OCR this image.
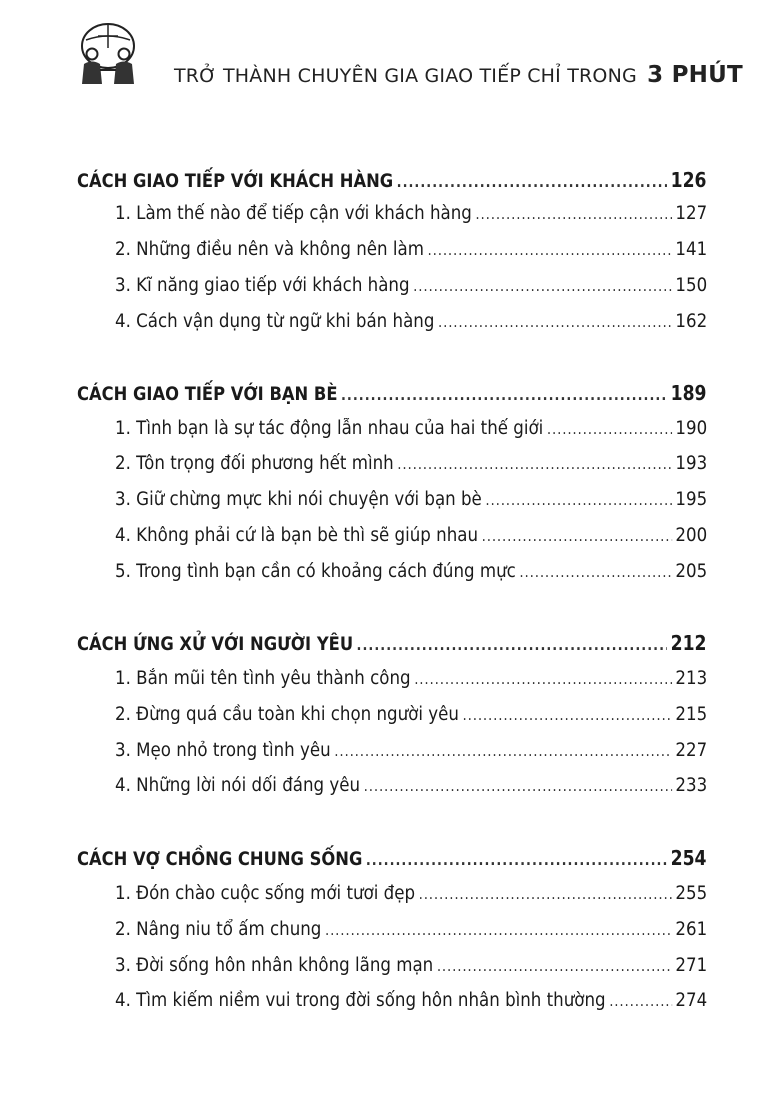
TRỞ THÀNH CHUYÊN GIA GIAO TIẾP CHỈ TRONG 3 PHÚT
CÁCH GIAO TIẾP VỚI KHÁCH HÀNG .....	126
1. Làm thế nào để tiếp cận với khách hàng .....	127
2. Những điều nên và không nên làm .....	141
3. Kĩ năng giao tiếp với khách hàng .....	150
4. Cách vận dụng từ ngữ khi bán hàng .....	162
CÁCH GIAO TIẾP VỚI BẠN BÈ .....	189
1. Tình bạn là sự tác động lẫn nhau của hai thế giới .....	190
2. Tôn trọng đối phương hết mình .....	193
3. Giữ chừng mực khi nói chuyện với bạn bè .....	195
4. Không phải cứ là bạn bè thì sẽ giúp nhau .....	200
5. Trong tình bạn cần có khoảng cách đúng mực .....	205
CÁCH ỨNG XỬ VỚI NGƯỜI YÊU .....	212
1. Bắn mũi tên tình yêu thành công .....	213
2. Đừng quá cầu toàn khi chọn người yêu .....	215
3. Mẹo nhỏ trong tình yêu .....	227
4. Những lời nói dối đáng yêu .....	233
CÁCH VỢ CHỒNG CHUNG SỐNG .....	254
1. Đón chào cuộc sống mới tươi đẹp .....	255
2. Nâng niu tổ ấm chung .....	261
3. Đời sống hôn nhân không lãng mạn .....	271
4. Tìm kiếm niềm vui trong đời sống hôn nhân bình thường .....	274
